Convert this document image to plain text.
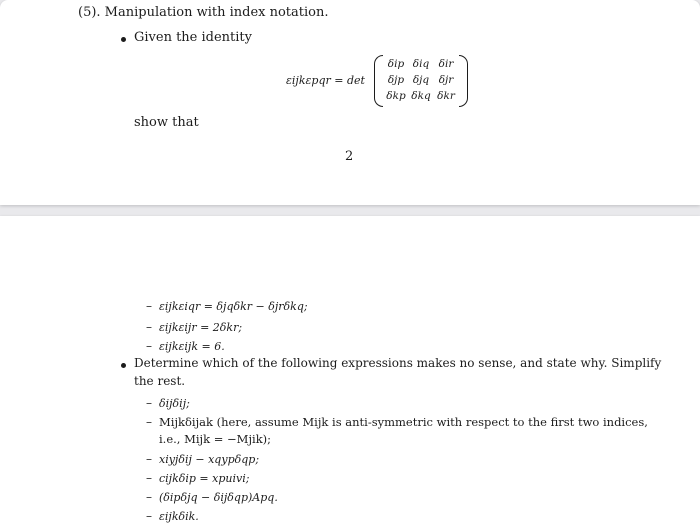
(5). Manipulation with index notation.
Given the identity
εijkεpqr = det
δip δiq δir
δjp δjq δjr
δkp δkq δkr
show that
2
– εijkεiqr = δjqδkr − δjrδkq;
– εijkεijr = 2δkr;
– εijkεijk = 6.
Determine which of the following expressions makes no sense, and state why. Simplify
the rest.
– δijδij;
– Mijkδijak (here, assume Mijk is anti-symmetric with respect to the first two indices,
i.e., Mijk = −Mjik);
– xiyjδij − xqypδqp;
– cijkδip = xpuivi;
– (δipδjq − δijδqp)Apq.
– εijkδik.
